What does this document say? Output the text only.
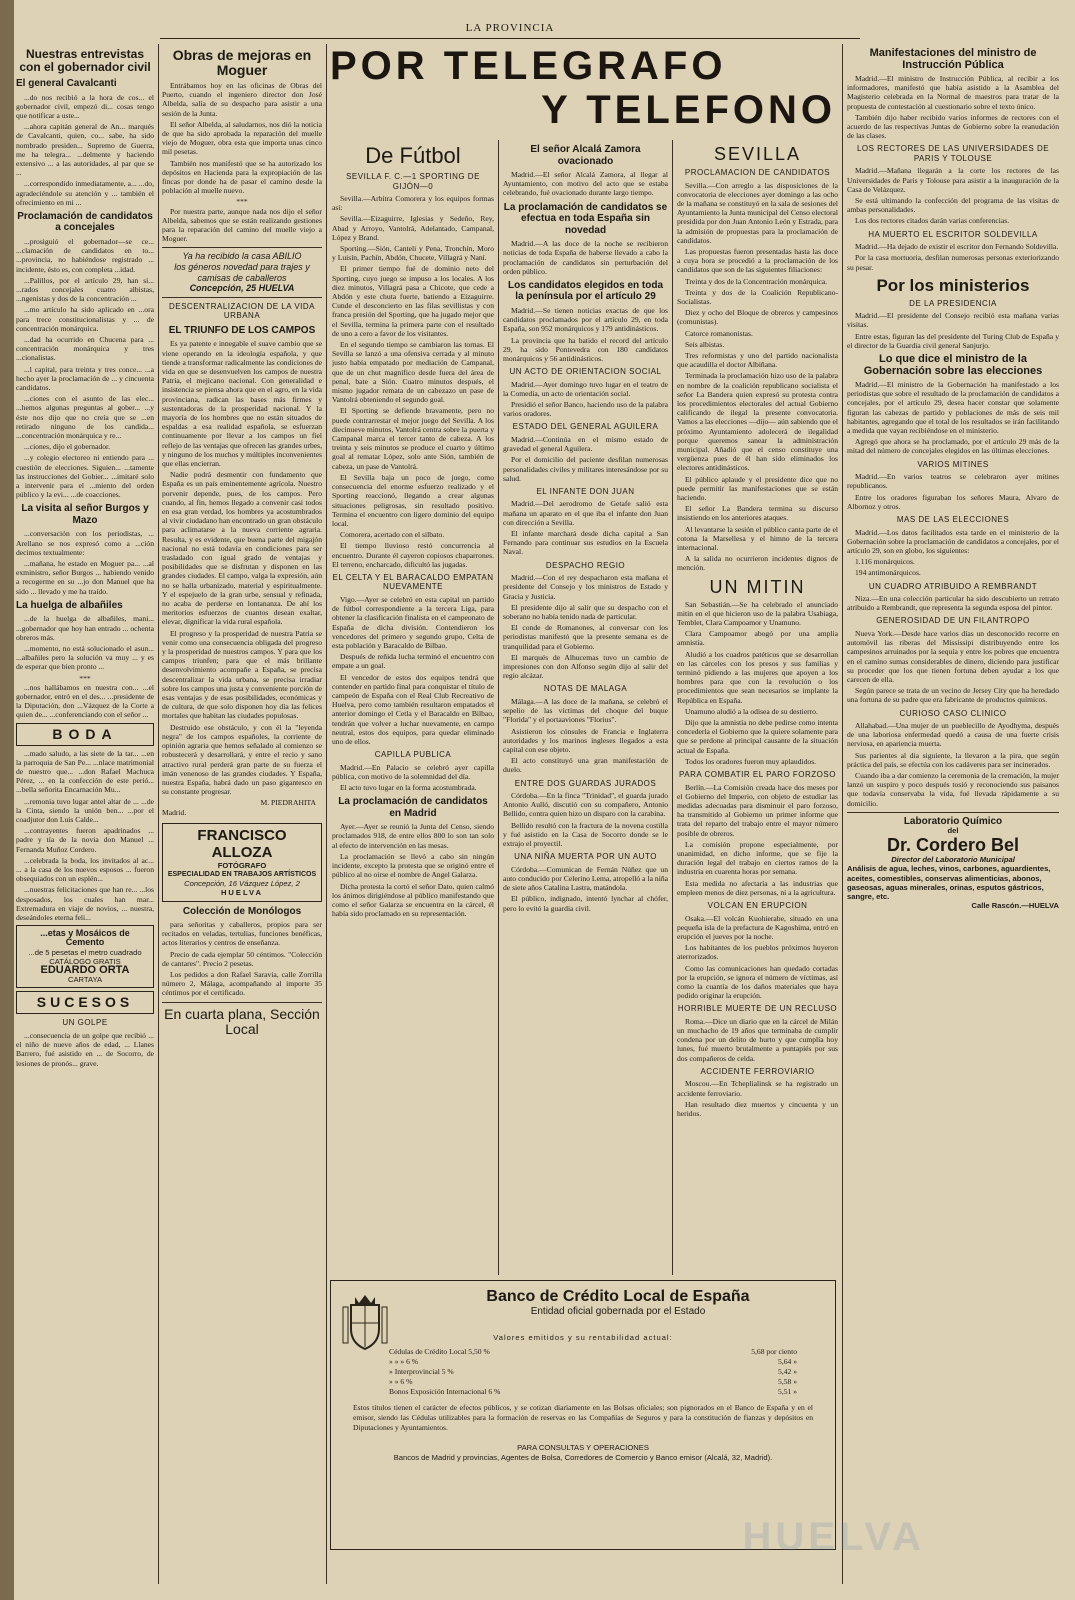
LA PROVINCIA
POR TELEGRAFO
Y TELEFONO
Nuestras entrevistas con el gobernador civil
El general Cavalcanti

...do nos recibió a la hora de cos... el gobernador civil, empezó di... cosas tengo que notificar a uste...

...ahora capitán general de An... marqués de Cavalcanti, quien, co... sabe, ha sido nombrado presiden... Supremo de Guerra, me ha telegra... ...delmente y haciendo extensivo ... a las autoridades, al par que se ...

...correspondido inmediatamente, a... ...do, agradeciéndole su atención y ... también el ofrecimiento en mi ...

Proclamación de candidatos a concejales

...prosiguió el gobernador—se ce... ...clamación de candidatos en to... ...provincia, no habiéndose registrado ... incidente, ésto es, con completa ...idad.

...Palillos, por el artículo 29, han si... ...rados concejales cuatro albistas, ...ngenistas y dos de la concentración ...

...mo artículo ha sido aplicado en ...ora para trece constitucionalistas y ... de concentración monárquica.

...dad ha ocurrido en Chucena para ... concentración monárquica y tres ...cionalistas.

...l capital, para treinta y tres conce... ...a hecho ayer la proclamación de ... y cincuenta candidatos.

...ciones con el asunto de las elec... ...hemos algunas preguntas al gober... ...y éste nos dijo que no creía que se ...en retirado ninguno de los candida... ...concentración monárquica y re...

...ciones, dijo el gobernador.

...y colegio electoreo ni entiendo para ... cuestión de elecciones. Siguien... ...tamente las instrucciones del Gobier... ...imitaré solo a intervenir para el ...miento del orden público y la evi... ...de coacciones.

La visita al señor Burgos y Mazo

...conversación con los periodistas, ... Arellano se nos expresó como a ...ción decimos textualmente:

...mañana, he estado en Moguer pa... ...al exministro, señor Burgos ... habiendo venido a recogerme en su ...jo don Manuel que ha sido ... llevado y me ha traído.

La huelga de albañiles

...de la huelga de albañiles, mani... ...gobernador que hoy han entrado ... ochenta obreros más.

...momento, no está solucionado el asun... ...albañiles pero la solución va muy ... y es de esperar que bien pronto ...

***

...nos hallábamos en nuestra con... ...el gobernador, entró en el des... ...presidente de la Diputación, don ...Vázquez de la Corte a quien de... ...conferenciando con el señor ...

BODA

...mado saludo, a las siete de la tar... ...en la parroquia de San Pe... ...nlace matrimonial de nuestro que... ...don Rafael Machuca Pérez, ... en la confección de este perió... ...bella señorita Encarnación Mu...

...remonia tuvo lugar antel altar de ... ...de la Cinta, siendo la unión ben... ...por el coadjutor don Luis Calde...

...contrayentes fueron apadrinados ... padre y tía de la novia don Manuel ... Fernanda Muñoz Cordero.

...celebrada la boda, los invitados al ac... ... a la casa de los nuevos esposos ... fueron obsequiados con un esplén...

...nuestras felicitaciones que han re... ...los desposados, los cuales han mar... Extremadura en viaje de novios, ... nuestra, deseándoles eterna feli...

...etas y Mosáicos de Cemento
...de 5 pesetas el metro cuadrado
CATÁLOGO GRATIS
EDUARDO ORTA
CARTAYA
SUCESOS
UN GOLPE

...consecuencia de un golpe que recibió ... el niño de nueve años de edad, ... Llanes Barrero, fué asistido en ... de Socorro, de lesiones de pronós... grave.

Obras de mejoras en Moguer

Entrábamos hoy en las oficinas de Obras del Puerto, cuando el ingeniero director don José Albelda, salía de su despacho para asistir a una sesión de la Junta.

El señor Albelda, al saludarnos, nos dió la noticia de que ha sido aprobada la reparación del muelle viejo de Moguer, obra esta que importa unas cinco mil pesetas.

También nos manifestó que se ha autorizado los depósitos en Hacienda para la expropiación de las fincas por donde ha de pasar el camino desde la población al muelle nuevo.

***

Por nuestra parte, aunque nada nos dijo el señor Albelda, sabemos que se están realizando gestiones para la reparación del camino del muelle viejo a Moguer.

Ya ha recibido la casa ABILIO
los géneros novedad para trajes y camisas de caballeros
Concepción, 25 HUELVA
DESCENTRALIZACION DE LA VIDA URBANA
EL TRIUNFO DE LOS CAMPOS

Es ya patente e innegable el suave cambio que se viene operando en la ideología española, y que tiende a transformar radicalmente las condiciones de vida en que se desenvuelven los campos de nuestra Patria, el mejicano nacional. Con generalidad e insistencia se piensa ahora que en el agro, en la vida provinciana, radican las bases más firmes y sustentadoras de la prosperidad nacional. Y la mayoría de los hombres que no están situados de espaldas a esa realidad española, se esfuerzan continuamente por llevar a los campos un fiel reflejo de las ventajas que ofrecen las grandes urbes, y ninguno de los muchos y múltiples inconvenientes que ellas encierran.

Nadie podrá desmentir con fundamento que España es un país eminentemente agrícola. Nuestro porvenir depende, pues, de los campos. Pero cuando, al fin, hemos llegado a convenir casi todos en esa gran verdad, los hombres ya acostumbrados al vivir ciudadano han encontrado un gran obstáculo para aclimatarse a la nueva corriente agraria. Resulta, y es evidente, que buena parte del migajón nacional no está todavía en condiciones para ser trasladado con igual grado de ventajas y posibilidades que se disfrutan y disponen en las grandes ciudades. El campo, valga la expresión, aún no se halla urbanizado, material y espiritualmente. Y el espejuelo de la gran urbe, sensual y refinada, no acaba de perderse en lontananza. De ahí los meritorios esfuerzos de cuantos desean exaltar, elevar, dignificar la vida rural española.

El progreso y la prosperidad de nuestra Patria se venir como una consecuencia obligada del progreso y la prosperidad de nuestros campos. Y para que los campos triunfen; para que el más brillante desenvolvimiento acompañe a España, se precisa descentralizar la vida urbana, se precisa irradiar sobre los campos una justa y conveniente porción de esas ventajas y de esas posibilidades, económicas y de cultura, de que solo disponen hoy día las felices mortales que habitan las ciudades populosas.

Destruido ese obstáculo, y con él la "leyenda negra" de los campos españoles, la corriente de opinión agraria que hemos señalado al comienzo se robustecerá y desarrollará, y entre el recio y sano atractivo rural perderá gran parte de su fuerza el imán venenoso de las grandes ciudades. Y España, nuestra España, habrá dado un paso gigantesco en su constante progresar.

M. PIEDRAHITA
Madrid.
FRANCISCO ALLOZA
FOTÓGRAFO
ESPECIALIDAD EN TRABAJOS ARTÍSTICOS
Concepción, 16 Vázquez López, 2
HUELVA
Colección de Monólogos

para señoritas y caballeros, propios para ser recitados en veladas, tertulias, funciones benéficas, actos literarios y centros de enseñanza.

Precio de cada ejemplar 50 céntimos. "Colección de cantares". Precio 2 pesetas.

Los pedidos a don Rafael Saravia, calle Zorrilla número 2, Málaga, acompañando al importe 35 céntimos por el certificado.

En cuarta plana, Sección Local
De Fútbol
SEVILLA F. C.—1 SPORTING DE GIJÓN—0

Sevilla.—Arbitra Comorera y los equipos formas así:

Sevilla.—Eizaguirre, Iglesias y Sedeño, Rey, Abad y Arroyo, Vantolrá, Adelantado, Campanal, López y Brand.

Sporting.—Sión, Canteli y Pena, Tronchín, Moro y Luisín, Pachín, Abdón, Chucete, Villagrá y Naní.

El primer tiempo fué de dominio neto del Sporting, cuyo juego se impuso a los locales. A los diez minutos, Villagrá pasa a Chicote, que cede a Abdón y este chuta fuerte, batiendo a Eizaguirre. Cunde el desconcierto en las filas sevillistas y con franca presión del Sporting, que ha jugado mejor que el Sevilla, termina la primera parte con el resultado de uno a cero a favor de los visitantes.

En el segundo tiempo se cambiaron las tornas. El Sevilla se lanzó a una ofensiva cerrada y al minuto justo había empatado por mediación de Campanal, que de un chut magnífico desde fuera del área de penal, bate a Sión. Cuatro minutos después, el mismo jugador remata de un cabezazo un pase de Vantolrá obteniendo el segundo goal.

El Sporting se defiende bravamente, pero no puede contrarrestar el mejor juego del Sevilla. A los diecinueve minutos, Vantolrá centra sobre la puerta y Campanal marca el tercer tanto de cabeza. A los treinta y seis minutos se produce el cuarto y último goal al rematar López, solo ante Sión, también de cabeza, un pase de Vantolrá.

El Sevilla baja un poco de juego, como consecuencia del enorme esfuerzo realizado y el Sporting reaccionó, llegando a crear algunas situaciones peligrosas, sin resultado positivo. Termina el encuentro con ligero dominio del equipo local.

Comorera, acertado con el silbato.

El tiempo lluvioso restó concurrencia al encuentro. Durante él cayeron copiosos chaparrones. El terreno, encharcado, dificultó las jugadas.

EL CELTA Y EL BARACALDO EMPATAN NUEVAMENTE

Vigo.—Ayer se celebró en esta capital un partido de fútbol correspondiente a la tercera Liga, para obtener la clasificación finalista en el campeonato de España de dicha división. Contendieron los vencedores del primero y segundo grupo, Celta de esta población y Baracaldo de Bilbao.

Después de reñida lucha terminó el encuentro con empate a un goal.

El vencedor de estos dos equipos tendrá que contender en partido final para conquistar el título de campeón de España con el Real Club Recreativo de Huelva, pero como también resultaron empatados el anterior domingo el Cetla y el Baracaldo en Bilbao, tendrán que volver a luchar nuevamente, en campo neutral, estos dos equipos, para quedar eliminado uno de ellos.

CAPILLA PUBLICA

Madrid.—En Palacio se celebró ayer capilla pública, con motivo de la solemnidad del día.

El acto tuvo lugar en la forma acostumbrada.

La proclamación de candidatos en Madrid

Ayer.—Ayer se reunió la Junta del Censo, siendo proclamados 918, de entre ellos 800 lo son tan solo al efecto de intervención en las mesas.

La proclamación se llevó a cabo sin ningún incidente, excepto la protesta que se originó entre el público al no oirse el nombre de Angel Galarza.

Dicha protesta la cortó el señor Dato, quien calmó los ánimos dirigiéndose al público manifestando que como el señor Galarza se encuentra en la cárcel, él había sido proclamado en su representación.

El señor Alcalá Zamora ovacionado

Madrid.—El señor Alcalá Zamora, al llegar al Ayuntamiento, con motivo del acto que se estaba celebrando, fué ovacionado durante largo tiempo.

La proclamación de candidatos se efectua en toda España sin novedad

Madrid.—A las doce de la noche se recibieron noticias de toda España de haberse llevado a cabo la proclamación de candidatos sin perturbación del orden público.

Los candidatos elegidos en toda la península por el artículo 29

Madrid.—Se tienen noticias exactas de que los candidatos proclamados por el artículo 29, en toda España, son 952 monárquicos y 179 antidinásticos.

La provincia que ha batido el record del artículo 29, ha sido Pontevedra con 180 candidatos monárquicos y 56 antidinásticos.

UN ACTO DE ORIENTACION SOCIAL

Madrid.—Ayer domingo tuvo lugar en el teatro de la Comedia, un acto de orientación social.

Presidió el señor Banco, haciendo uso de la palabra varios oradores.

ESTADO DEL GENERAL AGUILERA

Madrid.—Continúa en el mismo estado de gravedad el general Aguilera.

Por el domicilio del paciente desfilan numerosas personalidades civiles y militares interesándose por su salud.

EL INFANTE DON JUAN

Madrid.—Del aerodromo de Getafe salió esta mañana un aparato en el que iba el infante don Juan con dirección a Sevilla.

El infante marchará desde dicha capital a San Fernando para continuar sus estudios en la Escuela Naval.

DESPACHO REGIO

Madrid.—Con el rey despacharon esta mañana el presidente del Consejo y los ministros de Estado y Gracia y Justicia.

El presidente dijo al salir que su despacho con el soberano no había tenido nada de particular.

El conde de Romanones, al conversar con los periodistas manifestó que la presente semana es de tranquilidad para el Gobierno.

El marqués de Alhucemas tuvo un cambio de impresiones con don Alfonso según dijo al salir del regio alcázar.

NOTAS DE MALAGA

Málaga.—A las doce de la mañana, se celebró el sepelio de las víctimas del choque del buque "Florida" y el portaaviones "Florius".

Asistieron los cónsules de Francia e Inglaterra autoridades y los marinos ingleses llegados a esta capital con ese objeto.

El acto constituyó una gran manifestación de duelo.

ENTRE DOS GUARDAS JURADOS

Córdoba.—En la finca "Trinidad", el guarda jurado Antonio Aulló, discutió con su compañero, Antonio Bellido, contra quien hizo un disparo con la carabina.

Bellido resultó con la fractura de la novena costilla y fué asistido en la Casa de Socorro donde se le extrajo el proyectil.

UNA NIÑA MUERTA POR UN AUTO

Córdoba.—Comunican de Fernán Núñez que un auto conducido por Celerino Lema, atropelló a la niña de siete años Catalina Lastra, matándola.

El público, indignado, intentó lynchar al chófer, pero lo evitó la guardia civil.

SEVILLA
PROCLAMACION DE CANDIDATOS

Sevilla.—Con arreglo a las disposiciones de la convocatoria de elecciones ayer domingo a las ocho de la mañana se constituyó en la sala de sesiones del Ayuntamiento la Junta municipal del Censo electoral presidida por don Juan Antonio León y Estrada, para la admisión de propuestas para la proclamación de candidatos.

Las propuestas fueron presentadas hasta las doce a cuya hora se procedió a la proclamación de los candidatos que son de las siguientes filiaciones:

Treinta y dos de la Concentración monárquica.

Treinta y dos de la Coalición Republicano-Socialistas.

Diez y ocho del Bloque de obreros y campesinos (comunistas).

Catorce romanonistas.

Seis albistas.

Tres reformistas y uno del partido nacionalista que acaudilla el doctor Albiñana.

Terminada la proclamación hizo uso de la palabra en nombre de la coalición republicano socialista el señor La Bandera quien expresó su protesta contra los procedimientos electorales del actual Gobierno calificando de ilegal la presente convocatoria. Vamos a las elecciones —dijo— aún sabiendo que el próximo Ayuntamiento adolecerá de ilegalidad porque queremos sanear la administración municipal. Añadió que el censo constituye una vergüenza pues de él han sido eliminados los electores antidinásticos.

El público aplaude y el presidente dice que no puede permitir las manifestaciones que se están haciendo.

El señor La Bandera termina su discurso insistiendo en los anteriores ataques.

Al levantarse la sesión el público canta parte de el cotona la Marsellesa y el himno de la tercera internacional.

A la salida no ocurrieron incidentes dignos de mención.

UN MITIN

San Sebastián.—Se ha celebrado el anunciado mitin en el que hicieron uso de la palabra Usabiaga, Temblet, Clara Campoamor y Unamuno.

Clara Campoamor abogó por una amplia amnistía.

Aludió a los cuadros patéticos que se desarrollan en las cárceles con los presos y sus familias y terminó pidiendo a las mujeres que apoyen a los hombres para que con la revolución o los procedimientos que sean necesarios se implante la República en España.

Unamuno aludió a la odisea de su destierro.

Dijo que la amnistía no debe pedirse como intenta concederla el Gobierno que la quiere solamente para que se perdone al principal causante de la situación actual de España.

Todos los oradores fueron muy aplaudidos.

PARA COMBATIR EL PARO FORZOSO

Berlín.—La Comisión creada hace dos meses por el Gobierno del Imperio, con objeto de estudiar las medidas adecuadas para disminuir el paro forzoso, ha transmitido al Gobierno un primer informe que trata del reparto del trabajo entre el mayor número posible de obreros.

La comisión propone especialmente, por unanimidad, en dicho informe, que se fije la duración legal del trabajo en ciertos ramos de la industria en cuarenta horas por semana.

Esta medida no afectaría a las industrias que empleen menos de diez personas, ni a la agricultura.

VOLCAN EN ERUPCION

Osaka.—El volcán Kuohierabe, situado en una pequeña isla de la prefactura de Kagoshima, entró en erupción el jueves por la noche.

Los habitantes de los pueblos próximos huyeron aterrorizados.

Como las comunicaciones han quedado cortadas por la erupción, se ignora el número de víctimas, así como la cuantía de los daños materiales que haya podido originar la erupción.

HORRIBLE MUERTE DE UN RECLUSO

Roma.—Dice un diario que en la cárcel de Milán un muchacho de 19 años que terminaba de cumplir condena por un delito de hurto y que cumplía hoy lunes, fué muerto brutalmente a puntapiés por sus dos compañeros de celda.

ACCIDENTE FERROVIARIO

Moscou.—En Tcheplialinsk se ha registrado un accidente ferroviario.

Han resultado diez muertos y cincuenta y un heridos.

Manifestaciones del ministro de Instrucción Pública

Madrid.—El ministro de Instrucción Pública, al recibir a los informadores, manifestó que había asistido a la Asamblea del Magisterio celebrada en la Normal de maestros para tratar de la propuesta de contestación al cuestionario sobre el texto único.

También dijo haber recibido varios informes de rectores con el acuerdo de las respectivas Juntas de Gobierno sobre la reanudación de las clases.

LOS RECTORES DE LAS UNIVERSIDADES DE PARIS Y TOLOUSE

Madrid.—Mañana llegarán a la corte los rectores de las Universidades de Paris y Tolouse para asistir a la inauguración de la Casa de Velázquez.

Se está ultimando la confección del programa de las visitas de ambas personalidades.

Los dos rectores citados darán varias conferencias.

HA MUERTO EL ESCRITOR SOLDEVILLA

Madrid.—Ha dejado de existir el escritor don Fernando Soldevilla.

Por la casa mortuoria, desfilan numerosas personas exteriorizando su pesar.

Por los ministerios
DE LA PRESIDENCIA

Madrid.—El presidente del Consejo recibió esta mañana varias visitas.

Entre estas, figuran las del presidente del Turing Club de España y el director de la Guardia civil general Sanjurjo.

Lo que dice el ministro de la Gobernación sobre las elecciones

Madrid.—El ministro de la Gobernación ha manifestado a los periodistas que sobre el resultado de la proclamación de candidatos a concejales, por el artículo 29, desea hacer constar que solamente figuran las cabezas de partido y poblaciones de más de seis mil habitantes, agregando que el total de los resultados se irán facilitando a medida que vayan recibiéndose en el ministerio.

Agregó que ahora se ha proclamado, por el artículo 29 más de la mitad del número de concejales elegidos en las últimas elecciones.

VARIOS MITINES

Madrid.—En varios teatros se celebraron ayer mítines republicanos.

Entre los oradores figuraban los señores Maura, Alvaro de Albornoz y otros.

MAS DE LAS ELECCIONES

Madrid.—Los datos facilitados esta tarde en el ministerio de la Gobernación sobre la proclamación de candidatos a concejales, por el artículo 29, son en globo, los siguientes:

1.116 monárquicos.

194 antimonárquicos.

UN CUADRO ATRIBUIDO A REMBRANDT

Niza.—En una colección particular ha sido descubierto un retrato atribuido a Rembrandt, que representa la segunda esposa del pintor.

GENEROSIDAD DE UN FILANTROPO

Nueva York.—Desde hace varios días un desconocido recorre en automóvil las riberas del Mississipi distribuyendo entre los campesinos arruinados por la sequía y entre los pobres que encuentra en el camino sumas considerables de dinero, diciendo para justificar su proceder que los que tienen fortuna deben ayudar a los que carecen de ella.

Según parece se trata de un vecino de Jersey City que ha heredado una fortuna de su padre que era fabricante de productos químicos.

CURIOSO CASO CLINICO

Allahabad.—Una mujer de un pueblecillo de Ayodhyma, después de una laboriosa enfermedad quedó a causa de una fuerte crisis nerviosa, en apariencia muerta.

Sus parientes al dia siguiente, la llevaron a la pira, que según práctica del país, se efectúa con los cadáveres para ser incinerados.

Cuando iba a dar comienzo la ceremonia de la cremación, la mujer lanzó un suspiro y poco después tosió y reconociendo sus paisanos que todavía conservaba la vida, fué llevada rápidamente a su domicilio.

Laboratorio Químico
del
Dr. Cordero Bel
Director del Laboratorio Municipal
Análisis de agua, leches, vinos, carbones, aguardientes, aceites, comestibles, conservas alimenticias, abonos, gaseosas, aguas minerales, orinas, esputos gástricos, sangre, etc.
Calle Rascón.—HUELVA
Banco de Crédito Local de España
Entidad oficial gobernada por el Estado
Valores emitidos y su rentabilidad actual:
Cédulas de Crédito Local 5,50 %	5,68 por ciento
» » » 6 %	5,64 »
» Interprovincial 5 %	5,42 »
» » 6 %	5,58 »
Bonos Exposición Internacional 6 %	5,51 »
Estos títulos tienen el carácter de efectos públicos, y se cotizan diariamente en las Bolsas oficiales; son pignorados en el Banco de España y en el emisor, siendo las Cédulas utilizables para la formación de reservas en las Compañías de Seguros y para la constitución de fianzas y depósitos en Diputaciones y Ayuntamientos.
PARA CONSULTAS Y OPERACIONES
Bancos de Madrid y provincias, Agentes de Bolsa, Corredores de Comercio y Banco emisor (Alcalá, 32, Madrid).
HUELVA
